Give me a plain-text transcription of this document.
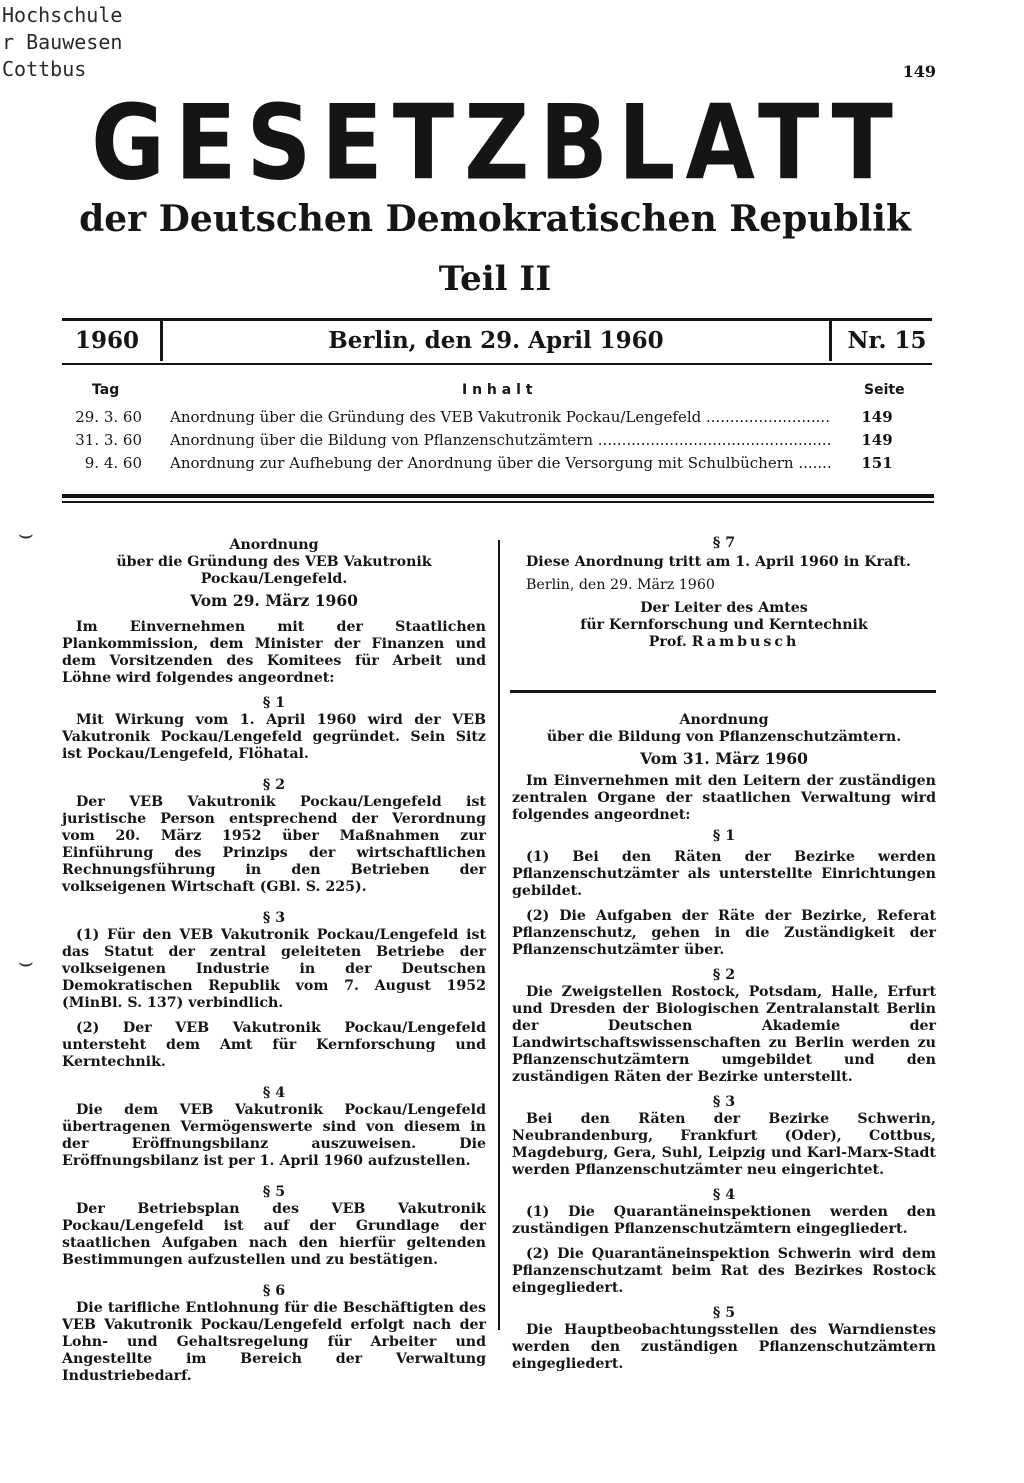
Hochschule
r Bauwesen
Cottbus	149
GESETZBLATT
der Deutschen Demokratischen Republik
Teil II
1960	Berlin, den 29. April 1960	Nr. 15
Tag	I n h a l t	Seite
29. 3. 60 Anordnung über die Gründung des VEB Vakutronik Pockau/Lengefeld .....	149
31. 3. 60 Anordnung über die Bildung von Pflanzenschutzämtern .....	149
9. 4. 60 Anordnung zur Aufhebung der Anordnung über die Versorgung mit Schulbüchern .....	151
⌣
⌣
Anordnung
über die Gründung des VEB Vakutronik
Pockau/Lengefeld.
Vom 29. März 1960

Im Einvernehmen mit der Staatlichen Plankommission, dem Minister der Finanzen und dem Vorsitzenden des Komitees für Arbeit und Löhne wird folgendes angeordnet:

§ 1

Mit Wirkung vom 1. April 1960 wird der VEB Vakutronik Pockau/Lengefeld gegründet. Sein Sitz ist Pockau/Lengefeld, Flöhatal.

§ 2

Der VEB Vakutronik Pockau/Lengefeld ist juristische Person entsprechend der Verordnung vom 20. März 1952 über Maßnahmen zur Einführung des Prinzips der wirtschaftlichen Rechnungsführung in den Betrieben der volkseigenen Wirtschaft (GBl. S. 225).

§ 3

(1) Für den VEB Vakutronik Pockau/Lengefeld ist das Statut der zentral geleiteten Betriebe der volkseigenen Industrie in der Deutschen Demokratischen Republik vom 7. August 1952 (MinBl. S. 137) verbindlich.

(2) Der VEB Vakutronik Pockau/Lengefeld untersteht dem Amt für Kernforschung und Kerntechnik.

§ 4

Die dem VEB Vakutronik Pockau/Lengefeld übertragenen Vermögenswerte sind von diesem in der Eröffnungsbilanz auszuweisen. Die Eröffnungsbilanz ist per 1. April 1960 aufzustellen.

§ 5

Der Betriebsplan des VEB Vakutronik Pockau/Lengefeld ist auf der Grundlage der staatlichen Aufgaben nach den hierfür geltenden Bestimmungen aufzustellen und zu bestätigen.

§ 6

Die tarifliche Entlohnung für die Beschäftigten des VEB Vakutronik Pockau/Lengefeld erfolgt nach der Lohn- und Gehaltsregelung für Arbeiter und Angestellte im Bereich der Verwaltung Industriebedarf.

§ 7

Diese Anordnung tritt am 1. April 1960 in Kraft.

Berlin, den 29. März 1960

Der Leiter des Amtes
für Kernforschung und Kerntechnik
Prof. Rambusch
Anordnung
über die Bildung von Pflanzenschutzämtern.
Vom 31. März 1960

Im Einvernehmen mit den Leitern der zuständigen zentralen Organe der staatlichen Verwaltung wird folgendes angeordnet:

§ 1

(1) Bei den Räten der Bezirke werden Pflanzenschutzämter als unterstellte Einrichtungen gebildet.

(2) Die Aufgaben der Räte der Bezirke, Referat Pflanzenschutz, gehen in die Zuständigkeit der Pflanzenschutzämter über.

§ 2

Die Zweigstellen Rostock, Potsdam, Halle, Erfurt und Dresden der Biologischen Zentralanstalt Berlin der Deutschen Akademie der Landwirtschaftswissenschaften zu Berlin werden zu Pflanzenschutzämtern umgebildet und den zuständigen Räten der Bezirke unterstellt.

§ 3

Bei den Räten der Bezirke Schwerin, Neubrandenburg, Frankfurt (Oder), Cottbus, Magdeburg, Gera, Suhl, Leipzig und Karl-Marx-Stadt werden Pflanzenschutzämter neu eingerichtet.

§ 4

(1) Die Quarantäneinspektionen werden den zuständigen Pflanzenschutzämtern eingegliedert.

(2) Die Quarantäneinspektion Schwerin wird dem Pflanzenschutzamt beim Rat des Bezirkes Rostock eingegliedert.

§ 5

Die Hauptbeobachtungsstellen des Warndienstes werden den zuständigen Pflanzenschutzämtern eingegliedert.
